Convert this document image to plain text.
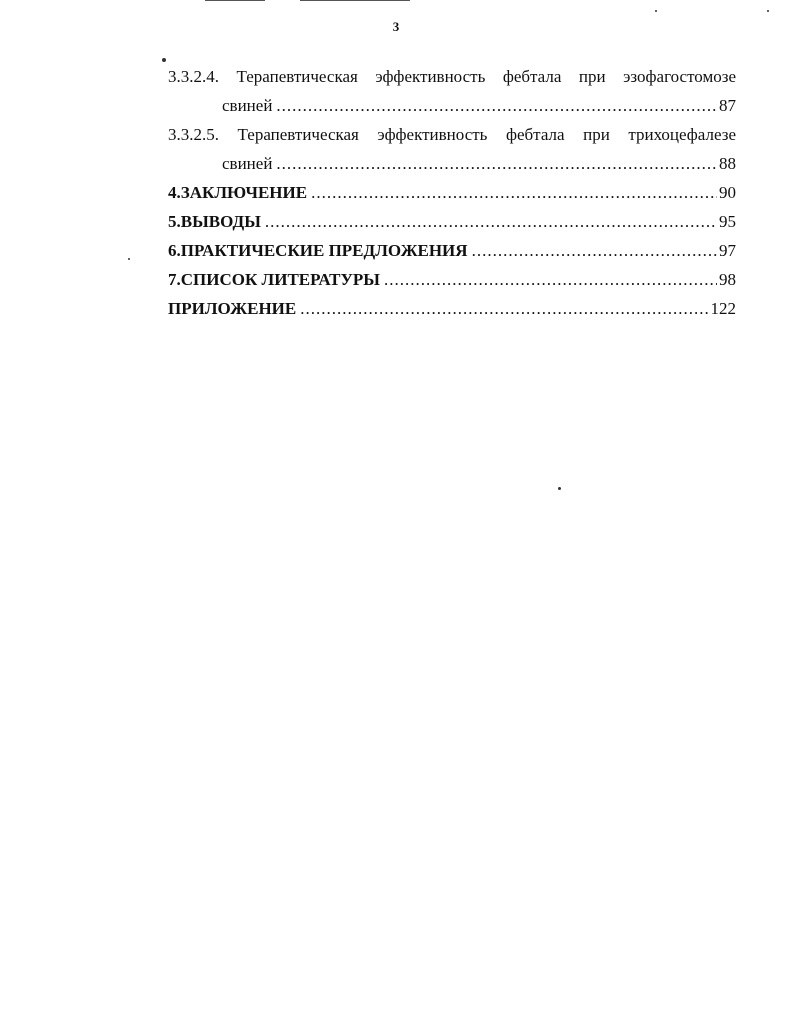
3
3.3.2.4. Терапевтическая эффективность фебтала при эзофагостомозе
свиней .....	87
3.3.2.5. Терапевтическая эффективность фебтала при трихоцефалезе
свиней .....	88
4. ЗАКЛЮЧЕНИЕ .....	90
5. ВЫВОДЫ .....	95
6. ПРАКТИЧЕСКИЕ ПРЕДЛОЖЕНИЯ .....	97
7. СПИСОК ЛИТЕРАТУРЫ .....	98
ПРИЛОЖЕНИЕ .....	122
